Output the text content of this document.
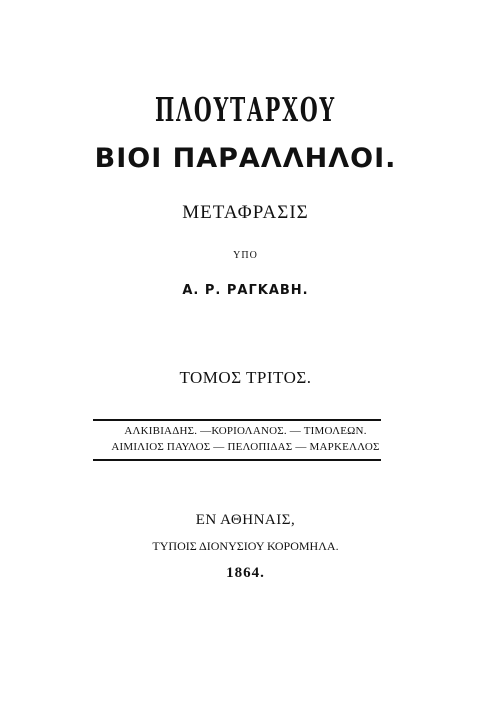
ΠΛΟΥΤΑΡΧΟΥ
ΒΙΟΙ ΠΑΡΑΛΛΗΛΟΙ.
ΜΕΤΑΦΡΑΣΙΣ
ΥΠΟ
Α. Ρ. ΡΑΓΚΑΒΗ.
ΤΟΜΟΣ ΤΡΙΤΟΣ.
ΑΛΚΙΒΙΑΔΗΣ. —ΚΟΡΙΟΛΑΝΟΣ. — ΤΙΜΟΛΕΩΝ.
ΑΙΜΙΛΙΟΣ ΠΑΥΛΟΣ — ΠΕΛΟΠΙΔΑΣ — ΜΑΡΚΕΛΛΟΣ
ΕΝ ΑΘΗΝΑΙΣ,
ΤΥΠΟΙΣ ΔΙΟΝΥΣΙΟΥ ΚΟΡΟΜΗΛΑ.
1864.
